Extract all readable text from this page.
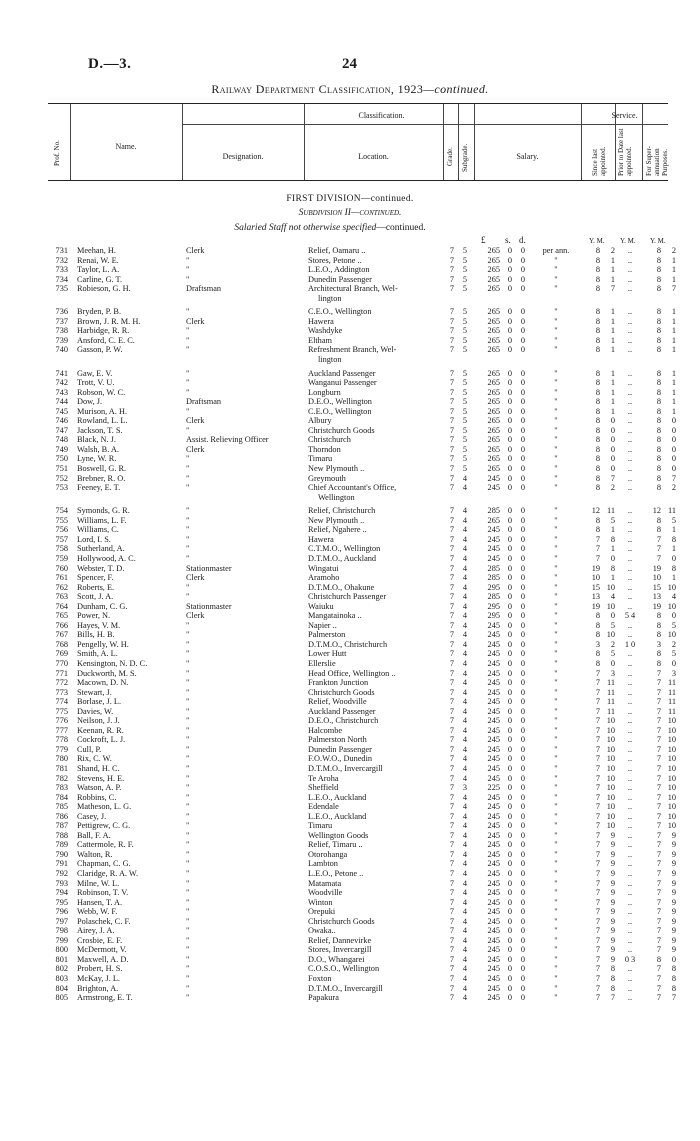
D.—3.	24
Railway Department Classification, 1923—continued.
Prof. No.	Name.
Classification.
Designation.	Location.	Grade. Subgrade.	Salary.
Service.
Since last appointed. Prior to Date last appointed. For Super-annuation Purposes.
FIRST DIVISION—continued.
Subdivision II—continued.
Salaried Staff not otherwise specified—continued.
£ s. d.	Y. M. Y. M. Y. M.
731 Meehan, H.	Clerk	Relief, Oamaru ..	7	5	265 0	0	per ann.	8	2	..	8	2
732 Renai, W. E.	"	Stores, Petone ..	7	5	265 0	0	"	8	1	..	8	1
733 Taylor, L. A.	"	L.E.O., Addington	7	5	265 0	0	"	8	1	..	8	1
734 Carline, G. T.	"	Dunedin Passenger	7	5	265 0	0	"	8	1	..	8	1
735 Robieson, G. H.	Draftsman	Architectural Branch, Wel-	7	5	265 0	0	"	8	7	..	8	7
lington
736 Bryden, P. B.	"	C.E.O., Wellington	7	5	265 0	0	"	8	1	..	8	1
737 Brown, J. R. M. H.	Clerk	Hawera	7	5	265 0	0	"	8	1	..	8	1
738 Harbidge, R. R.	"	Washdyke	7	5	265 0	0	"	8	1	..	8	1
739 Ansford, C. E. C.	"	Eltham	7	5	265 0	0	"	8	1	..	8	1
740 Gasson, P. W.	"	Refreshment Branch, Wel-	7	5	265 0	0	"	8	1	..	8	1
lington
741 Gaw, E. V.	"	Auckland Passenger	7	5	265 0	0	"	8	1	..	8	1
742 Trott, V. U.	"	Wanganui Passenger	7	5	265 0	0	"	8	1	..	8	1
743 Robson, W. C.	"	Longburn	7	5	265 0	0	"	8	1	..	8	1
744 Dow, J.	Draftsman	D.E.O., Wellington	7	5	265 0	0	"	8	1	..	8	1
745 Murison, A. H.	"	C.E.O., Wellington	7	5	265 0	0	"	8	1	..	8	1
746 Rowland, L. L.	Clerk	Albury	7	5	265 0	0	"	8	0	..	8	0
747 Jackson, T. S.	"	Christchurch Goods	7	5	265 0	0	"	8	0	..	8	0
748 Black, N. J.	Assist. Relieving Officer	Christchurch	7	5	265 0	0	"	8	0	..	8	0
749 Walsh, B. A.	Clerk	Thorndon	7	5	265 0	0	"	8	0	..	8	0
750 Lyne, W. R.	"	Timaru	7	5	265 0	0	"	8	0	..	8	0
751 Boswell, G. R.	"	New Plymouth ..	7	5	265 0	0	"	8	0	..	8	0
752 Brebner, R. O.	"	Greymouth	7	4	245 0	0	"	8	7	..	8	7
753 Feeney, E. T.	"	Chief Accountant's Office,	7	4	245 0	0	"	8	2	..	8	2
Wellington
754 Symonds, G. R.	"	Relief, Christchurch	7	4	285 0	0	"	12 11	..	12 11
755 Williams, L. F.	"	New Plymouth ..	7	4	265 0	0	"	8	5	..	8	5
756 Williams, C.	"	Relief, Ngahere ..	7	4	245 0	0	"	8	1	..	8	1
757 Lord, I. S.	"	Hawera	7	4	245 0	0	"	7	8	..	7	8
758 Sutherland, A.	"	C.T.M.O., Wellington	7	4	245 0	0	"	7	1	..	7	1
759 Hollywood, A. C.	"	D.T.M.O., Auckland	7	4	245 0	0	"	7	0	..	7	0
760 Webster, T. D.	Stationmaster	Wingatui	7	4	285 0	0	"	19	8	..	19	8
761 Spencer, F.	Clerk	Aramoho	7	4	285 0	0	"	10	1	..	10	1
762 Roberts, E.	"	D.T.M.O., Ohakune	7	4	295 0	0	"	15 10	..	15 10
763 Scott, J. A.	"	Christchurch Passenger	7	4	285 0	0	"	13	4	..	13	4
764 Dunham, C. G.	Stationmaster	Waiuku	7	4	295 0	0	"	19 10	..	19 10
765 Power, N.	Clerk	Mangatainoka ..	7	4	295 0	0	"	8	0	5 4	8	0
766 Hayes, V. M.	"	Napier ..	7	4	245 0	0	"	8	5	..	8	5
767 Bills, H. B.	"	Palmerston	7	4	245 0	0	"	8 10	..	8 10
768 Pengelly, W. H.	"	D.T.M.O., Christchurch	7	4	245 0	0	"	3	2	1 0	3	2
769 Smith, A. L.	"	Lower Hutt	7	4	245 0	0	"	8	5	..	8	5
770 Kensington, N. D. C.	"	Ellerslie	7	4	245 0	0	"	8	0	..	8	0
771 Duckworth, M. S.	"	Head Office, Wellington ..	7	4	245 0	0	"	7	3	..	7	3
772 Macown, D. N.	"	Frankton Junction	7	4	245 0	0	"	7 11	..	7 11
773 Stewart, J.	"	Christchurch Goods	7	4	245 0	0	"	7 11	..	7 11
774 Borlase, J. L.	"	Relief, Woodville	7	4	245 0	0	"	7 11	..	7 11
775 Davies, W.	"	Auckland Passenger	7	4	245 0	0	"	7 11	..	7 11
776 Neilson, J. J.	"	D.E.O., Christchurch	7	4	245 0	0	"	7 10	..	7 10
777 Keenan, R. R.	"	Halcombe	7	4	245 0	0	"	7 10	..	7 10
778 Cockroft, L. J.	"	Palmerston North	7	4	245 0	0	"	7 10	..	7 10
779 Cull, P.	"	Dunedin Passenger	7	4	245 0	0	"	7 10	..	7 10
780 Rix, C. W.	"	F.O.W.O., Dunedin	7	4	245 0	0	"	7 10	..	7 10
781 Shand, H. C.	"	D.T.M.O., Invercargill	7	4	245 0	0	"	7 10	..	7 10
782 Stevens, H. E.	"	Te Aroha	7	4	245 0	0	"	7 10	..	7 10
783 Watson, A. P.	"	Sheffield	7	3	225 0	0	"	7 10	..	7 10
784 Robbins, C.	"	L.E.O., Auckland	7	4	245 0	0	"	7 10	..	7 10
785 Matheson, L. G.	"	Edendale	7	4	245 0	0	"	7 10	..	7 10
786 Casey, J.	"	L.E.O., Auckland	7	4	245 0	0	"	7 10	..	7 10
787 Pettigrew, C. G.	"	Timaru	7	4	245 0	0	"	7 10	..	7 10
788 Ball, F. A.	"	Wellington Goods	7	4	245 0	0	"	7	9	..	7	9
789 Cattermole, R. F.	"	Relief, Timaru ..	7	4	245 0	0	"	7	9	..	7	9
790 Walton, R.	"	Otorohanga	7	4	245 0	0	"	7	9	..	7	9
791 Chapman, C. G.	"	Lambton	7	4	245 0	0	"	7	9	..	7	9
792 Claridge, R. A. W.	"	L.E.O., Petone ..	7	4	245 0	0	"	7	9	..	7	9
793 Milne, W. L.	"	Matamata	7	4	245 0	0	"	7	9	..	7	9
794 Robinson, T. V.	"	Woodville	7	4	245 0	0	"	7	9	..	7	9
795 Hansen, T. A.	"	Winton	7	4	245 0	0	"	7	9	..	7	9
796 Webb, W. F.	"	Orepuki	7	4	245 0	0	"	7	9	..	7	9
797 Polaschek, C. F.	"	Christchurch Goods	7	4	245 0	0	"	7	9	..	7	9
798 Airey, J. A.	"	Owaka..	7	4	245 0	0	"	7	9	..	7	9
799 Crosbie, E. F.	"	Relief, Dannevirke	7	4	245 0	0	"	7	9	..	7	9
800 McDermott, V.	"	Stores, Invercargill	7	4	245 0	0	"	7	9	..	7	9
801 Maxwell, A. D.	"	D.O., Whangarei	7	4	245 0	0	"	7	9	0 3	8	0
802 Probert, H. S.	"	C.O.S.O., Wellington	7	4	245 0	0	"	7	8	..	7	8
803 McKay, J. L.	"	Foxton	7	4	245 0	0	"	7	8	..	7	8
804 Brighton, A.	"	D.T.M.O., Invercargill	7	4	245 0	0	"	7	8	..	7	8
805 Armstrong, E. T.	"	Papakura	7	4	245 0	0	"	7	7	..	7	7
